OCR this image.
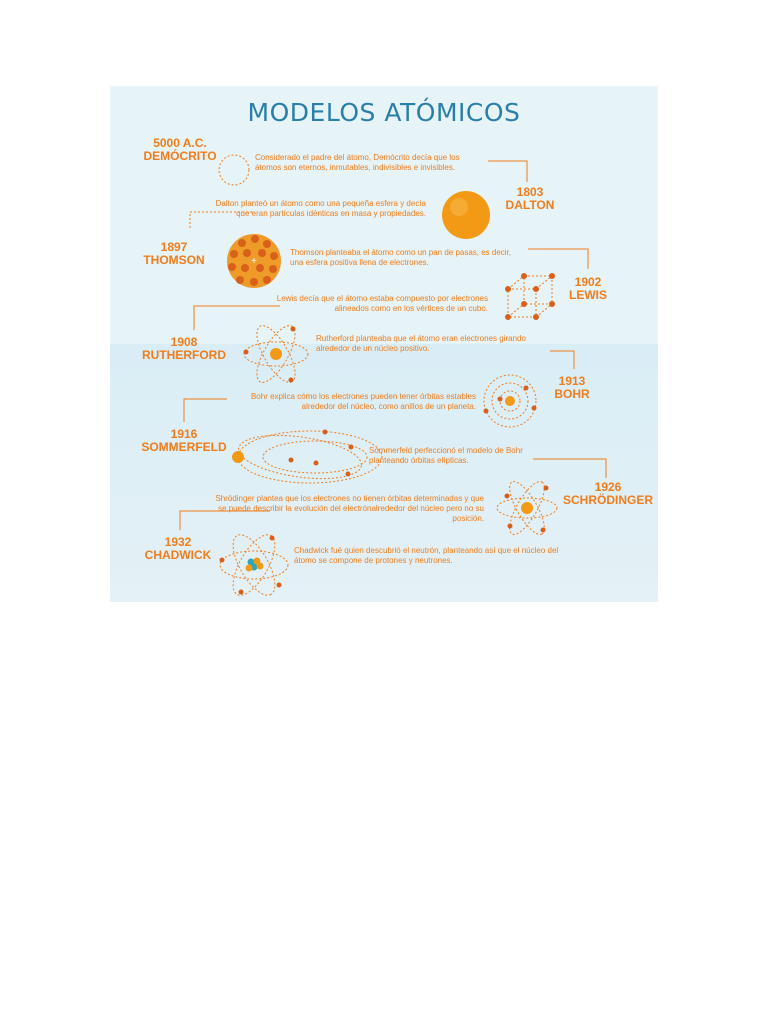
+
MODELOS ATÓMICOS
5000 A.C.
DEMÓCRITO	Considerado el padre del átomo, Demócrito decía que los átomos son eternos, inmutables, indivisibles e invisibles.
1803
DALTON
Dalton planteó un átomo como una pequeña esfera y decía que eran partículas idénticas en masa y propiedades.
1897
THOMSON
Thomson planteaba el átomo como un pan de pasas, es decir, una esfera positiva llena de electrones.
1902
LEWIS
Lewis decía que el átomo estaba compuesto por electrones alineados como en los vértices de un cubo.
1908
RUTHERFORD
Rutherford planteaba que el átomo eran electrones girando alrededor de un núcleo positivo.
1913
BOHR
Bohr explica cómo los electrones pueden tener órbitas estables alrededor del núcleo, como anillos de un planeta.
1916
SOMMERFELD	Sommerfeld perfeccionó el modelo de Bohr planteando órbitas elípticas.
1926
SCHRÖDINGER
Shrödinger plantea que los electrones no tienen órbitas determinadas y que se puede describir la evolución del electrónalrededor del núcleo pero no su posición.
1932
CHADWICK	Chadwick fué quien descubrió el neutrón, planteando así que el núcleo del átomo se compone de protones y neutrones.
